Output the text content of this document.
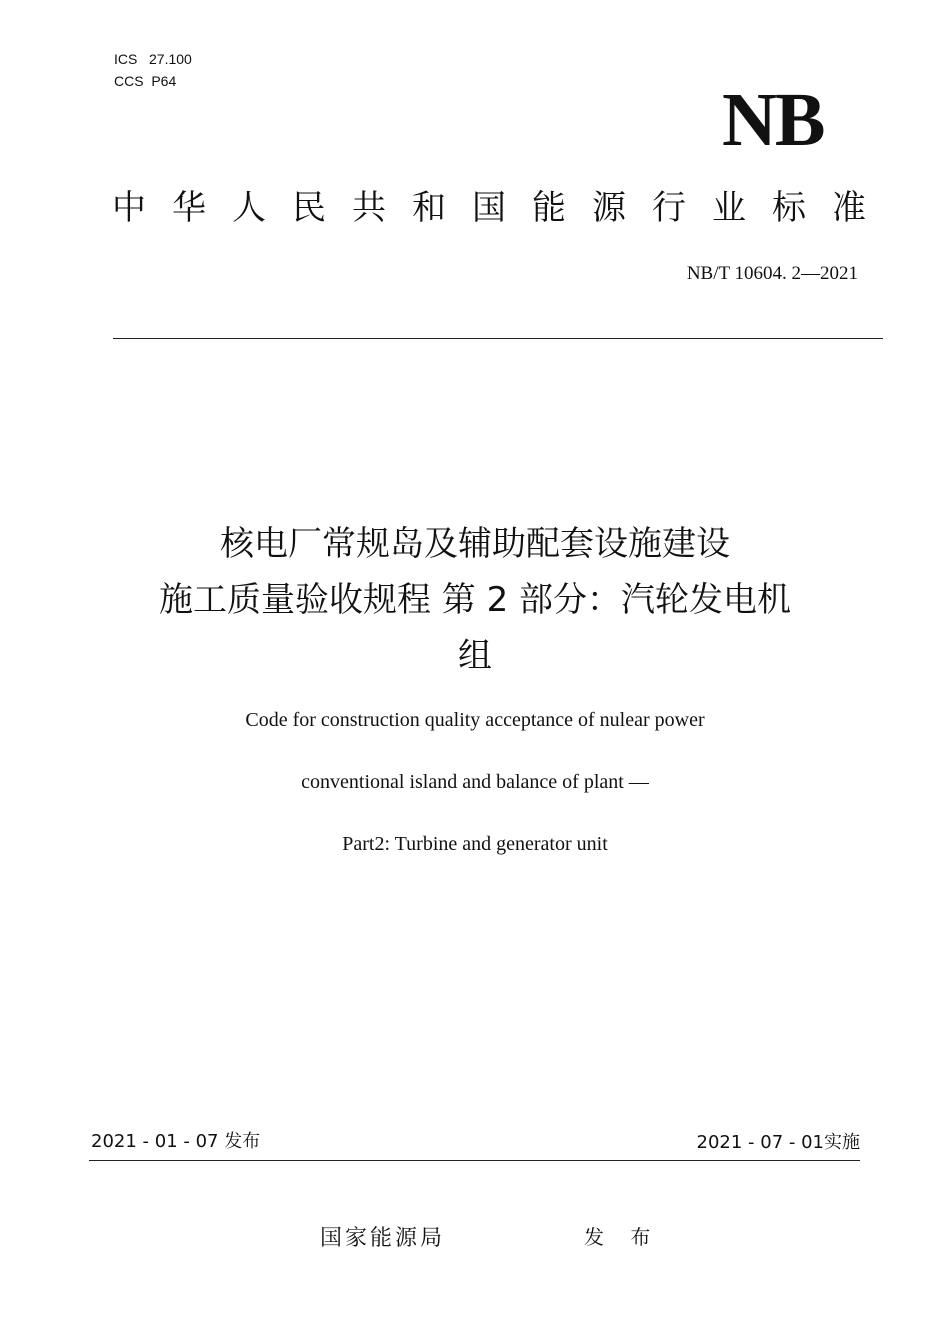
ICS   27.100
CCS  P64	NB
中华人民共和国能源行业标准
NB/T 10604. 2—2021
核电厂常规岛及辅助配套设施建设
施工质量验收规程 第 2 部分：汽轮发电机
组
Code for construction quality acceptance of nulear power
conventional island and balance of plant —
Part2: Turbine and generator unit
2021 - 01 - 07 发布	2021 - 07 - 01实施
国家能源局	发 布
